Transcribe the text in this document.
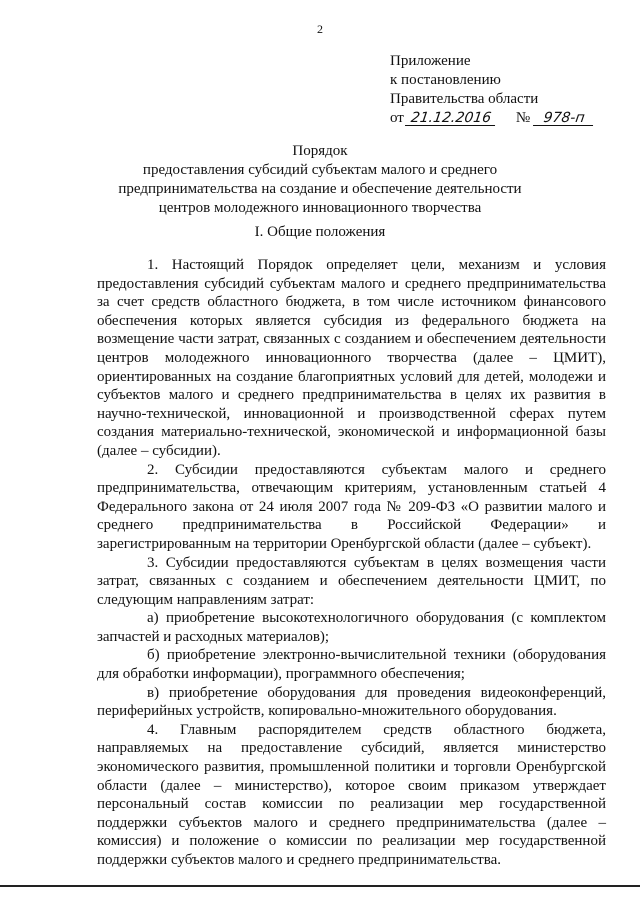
2
Приложение
к постановлению
Правительства области
от 21.12.2016	№ 978-п
Порядок
предоставления субсидий субъектам малого и среднего
предпринимательства на создание и обеспечение деятельности
центров молодежного инновационного творчества
I. Общие положения

1. Настоящий Порядок определяет цели, механизм и условия предоставления субсидий субъектам малого и среднего предпринимательства за счет средств областного бюджета, в том числе источником финансового обеспечения которых является субсидия из федерального бюджета на возмещение части затрат, связанных с созданием и обеспечением деятельности центров молодежного инновационного творчества (далее – ЦМИТ), ориентированных на создание благоприятных условий для детей, молодежи и субъектов малого и среднего предпринимательства в целях их развития в научно-технической, инновационной и производственной сферах путем создания материально-технической, экономической и информационной базы (далее – субсидии).

2. Субсидии предоставляются субъектам малого и среднего предпринимательства, отвечающим критериям, установленным статьей 4 Федерального закона от 24 июля 2007 года № 209-ФЗ «О развитии малого и среднего предпринимательства в Российской Федерации» и зарегистрированным на территории Оренбургской области (далее – субъект).

3. Субсидии предоставляются субъектам в целях возмещения части затрат, связанных с созданием и обеспечением деятельности ЦМИТ, по следующим направлениям затрат:

а) приобретение высокотехнологичного оборудования (с комплектом запчастей и расходных материалов);

б) приобретение электронно-вычислительной техники (оборудования для обработки информации), программного обеспечения;

в) приобретение оборудования для проведения видеоконференций, периферийных устройств, копировально-множительного оборудования.

4. Главным распорядителем средств областного бюджета, направляемых на предоставление субсидий, является министерство экономического развития, промышленной политики и торговли Оренбургской области (далее – министерство), которое своим приказом утверждает персональный состав комиссии по реализации мер государственной поддержки субъектов малого и среднего предпринимательства (далее – комиссия) и положение о комиссии по реализации мер государственной поддержки субъектов малого и среднего предпринимательства.
